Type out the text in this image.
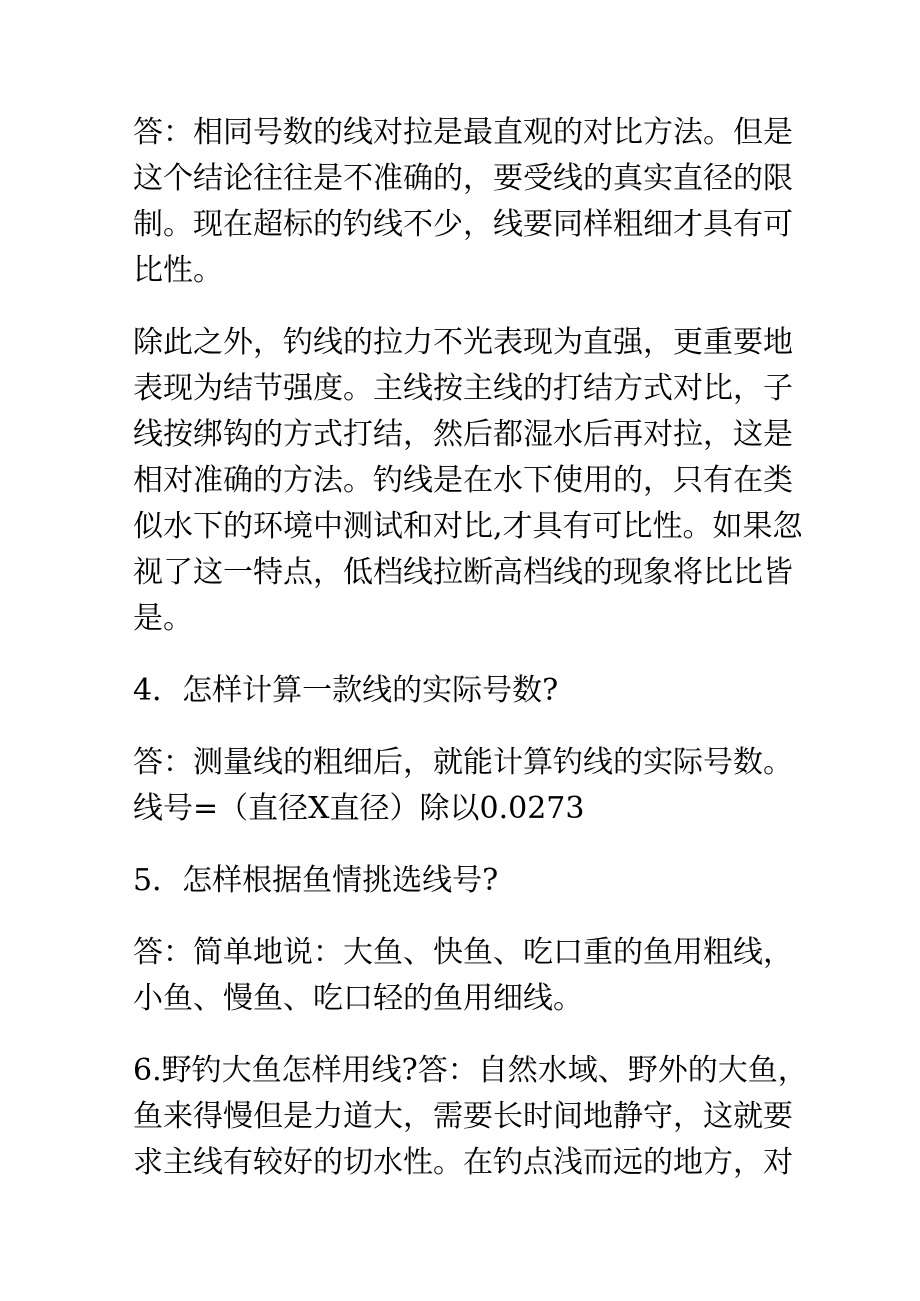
答：相同号数的线对拉是最直观的对比方法。但是
这个结论往往是不准确的，要受线的真实直径的限
制。现在超标的钓线不少，线要同样粗细才具有可
比性。

除此之外，钓线的拉力不光表现为直强，更重要地
表现为结节强度。主线按主线的打结方式对比，子
线按绑钩的方式打结，然后都湿水后再对拉，这是
相对准确的方法。钓线是在水下使用的，只有在类
似水下的环境中测试和对比,才具有可比性。如果忽
视了这一特点，低档线拉断高档线的现象将比比皆
是。

4．怎样计算一款线的实际号数?

答：测量线的粗细后，就能计算钓线的实际号数。
线号=（直径X直径）除以0.0273

5．怎样根据鱼情挑选线号?

答：简单地说：大鱼、快鱼、吃口重的鱼用粗线，
小鱼、慢鱼、吃口轻的鱼用细线。

6.野钓大鱼怎样用线?答：自然水域、野外的大鱼，
鱼来得慢但是力道大，需要长时间地静守，这就要
求主线有较好的切水性。在钓点浅而远的地方，对
